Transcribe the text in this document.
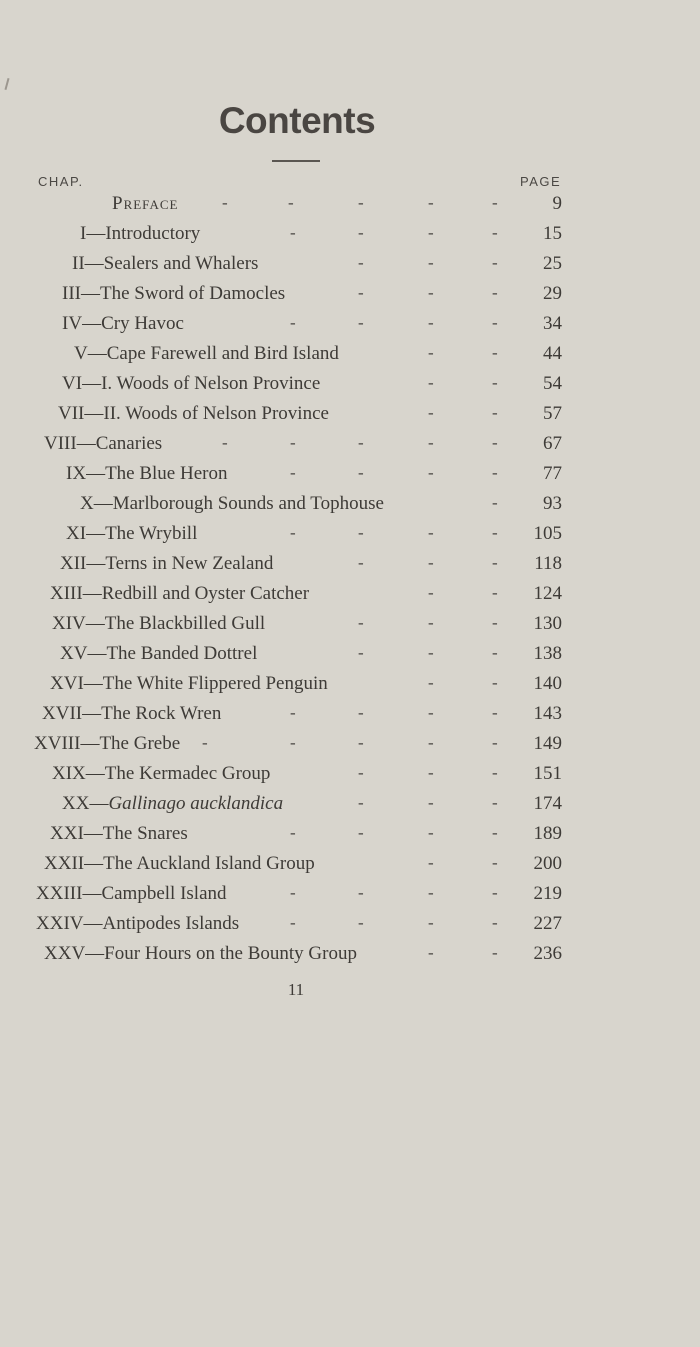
Contents
CHAP.	PAGE
Preface	-	-	-	-	-	9
I—Introductory	-	-	-	- 15
II—Sealers and Whalers	-	-	- 25
III—The Sword of Damocles	-	-	- 29
IV—Cry Havoc	-	-	-	- 34
V—Cape Farewell and Bird Island	-	- 44
VI—I. Woods of Nelson Province	-	- 54
VII—II. Woods of Nelson Province	-	- 57
VIII—Canaries	-	-	-	-	- 67
IX—The Blue Heron	-	-	-	- 77
X—Marlborough Sounds and Tophouse	- 93
XI—The Wrybill	-	-	-	- 105
XII—Terns in New Zealand	-	-	- 118
XIII—Redbill and Oyster Catcher	-	- 124
XIV—The Blackbilled Gull	-	-	- 130
XV—The Banded Dottrel	-	-	- 138
XVI—The White Flippered Penguin	-	- 140
XVII—The Rock Wren	-	-	-	- 143
XVIII—The Grebe -	-	-	-	- 149
XIX—The Kermadec Group	-	-	- 151
XX—Gallinago aucklandica	-	-	- 174
XXI—The Snares	-	-	-	- 189
XXII—The Auckland Island Group	-	- 200
XXIII—Campbell Island	-	-	-	- 219
XXIV—Antipodes Islands	-	-	-	- 227
XXV—Four Hours on the Bounty Group	-	- 236
11
